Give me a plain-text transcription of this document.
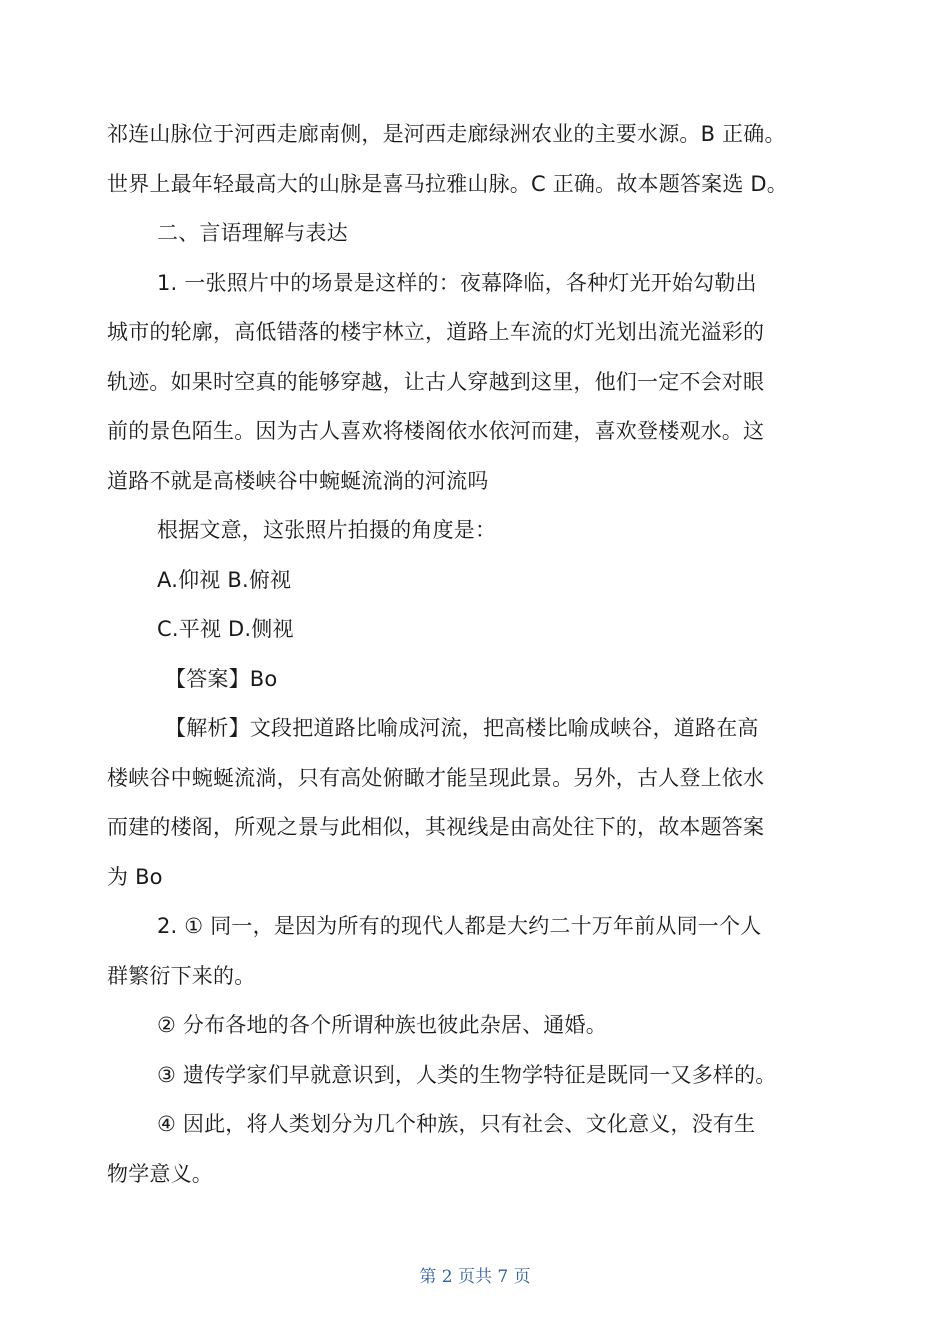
祁连山脉位于河西走廊南侧，是河西走廊绿洲农业的主要水源。B 正确。

世界上最年轻最高大的山脉是喜马拉雅山脉。C 正确。故本题答案选 D。

二、言语理解与表达

1. 一张照片中的场景是这样的：夜幕降临，各种灯光开始勾勒出

城市的轮廓，高低错落的楼宇林立，道路上车流的灯光划出流光溢彩的

轨迹。如果时空真的能够穿越，让古人穿越到这里，他们一定不会对眼

前的景色陌生。因为古人喜欢将楼阁依水依河而建，喜欢登楼观水。这

道路不就是高楼峡谷中蜿蜒流淌的河流吗

根据文意，这张照片拍摄的角度是：

A.仰视 B.俯视

C.平视 D.侧视

【答案】Bo

【解析】文段把道路比喻成河流，把高楼比喻成峡谷，道路在高

楼峡谷中蜿蜒流淌，只有高处俯瞰才能呈现此景。另外，古人登上依水

而建的楼阁，所观之景与此相似，其视线是由高处往下的，故本题答案

为 Bo

2. ① 同一，是因为所有的现代人都是大约二十万年前从同一个人

群繁衍下来的。

② 分布各地的各个所谓种族也彼此杂居、通婚。

③ 遗传学家们早就意识到，人类的生物学特征是既同一又多样的。

④ 因此，将人类划分为几个种族，只有社会、文化意义，没有生

物学意义。

第 2 页共 7 页
